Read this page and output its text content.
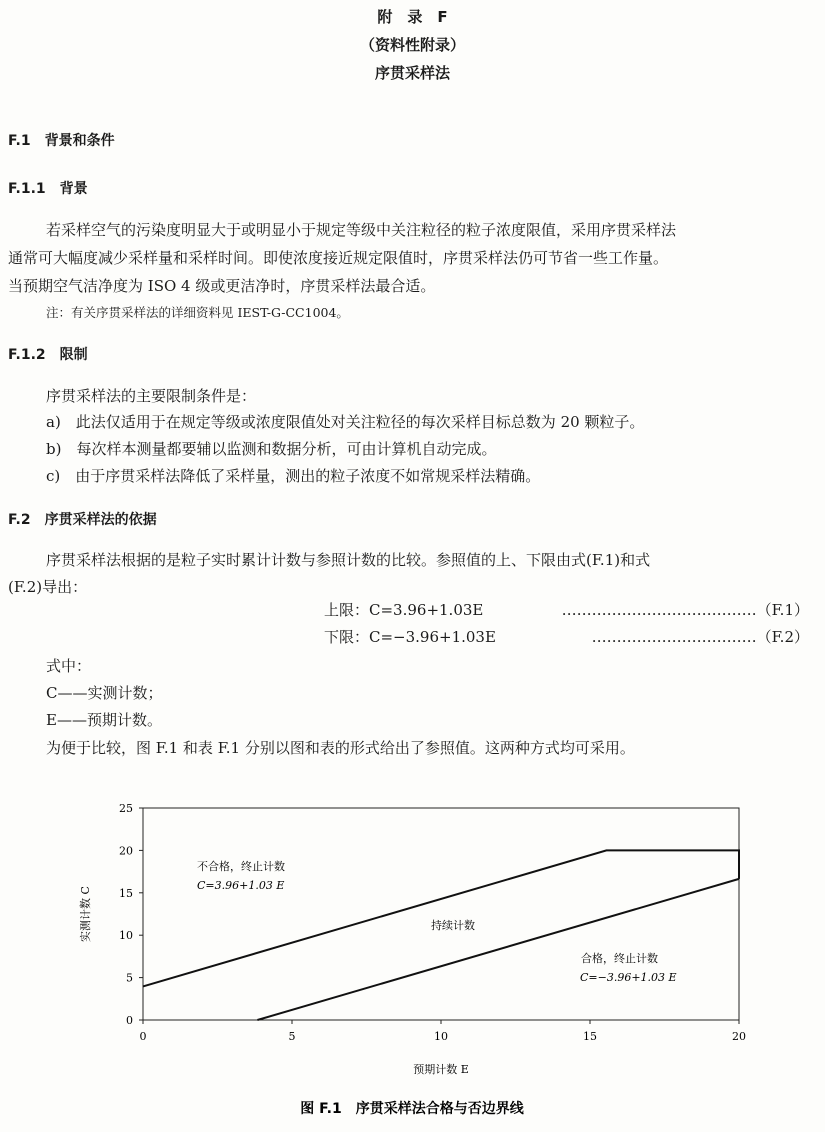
附　录　F
（资料性附录）
序贯采样法
F.1　背景和条件
F.1.1　背景
若采样空气的污染度明显大于或明显小于规定等级中关注粒径的粒子浓度限值，采用序贯采样法
通常可大幅度减少采样量和采样时间。即使浓度接近规定限值时，序贯采样法仍可节省一些工作量。
当预期空气洁净度为 ISO 4 级或更洁净时，序贯采样法最合适。
注：有关序贯采样法的详细资料见 IEST-G-CC1004。
F.1.2　限制
序贯采样法的主要限制条件是：
a)　此法仅适用于在规定等级或浓度限值处对关注粒径的每次采样目标总数为 20 颗粒子。
b)　每次样本测量都要辅以监测和数据分析，可由计算机自动完成。
c)　由于序贯采样法降低了采样量，测出的粒子浓度不如常规采样法精确。
F.2　序贯采样法的依据
序贯采样法根据的是粒子实时累计计数与参照计数的比较。参照值的上、下限由式(F.1)和式
(F.2)导出：
上限：C=3.96+1.03E	…………………………………（F.1）
下限：C=−3.96+1.03E	……………………………（F.2）
式中：
C——实测计数；
E——预期计数。
为便于比较，图 F.1 和表 F.1 分别以图和表的形式给出了参照值。这两种方式均可采用。
0	5	10	15	20
0
5
10
15
20
25
不合格，终止计数
C=3.96+1.03 E
持续计数
合格，终止计数
C=−3.96+1.03 E
预期计数 E
实测计数 C
图 F.1　序贯采样法合格与否边界线
